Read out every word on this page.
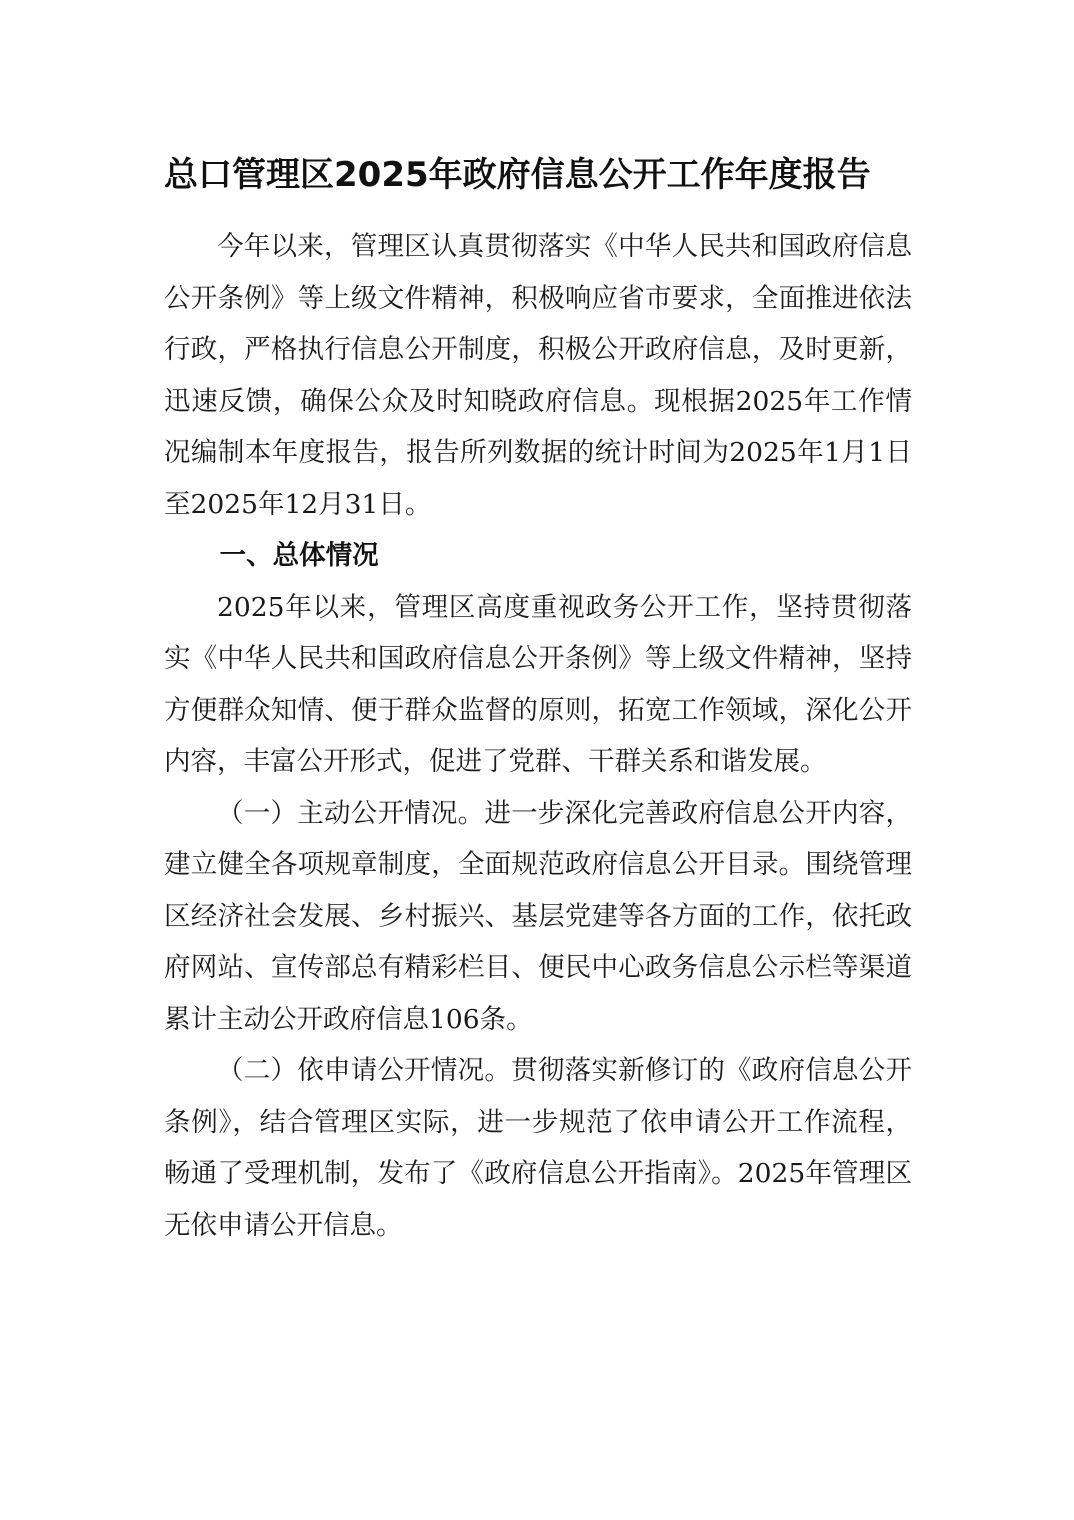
总口管理区2025年政府信息公开工作年度报告

今年以来，管理区认真贯彻落实《中华人民共和国政府信息公开条例》等上级文件精神，积极响应省市要求，全面推进依法行政，严格执行信息公开制度，积极公开政府信息，及时更新，迅速反馈，确保公众及时知晓政府信息。现根据2025年工作情况编制本年度报告，报告所列数据的统计时间为2025年1月1日至2025年12月31日。

一、总体情况

2025年以来，管理区高度重视政务公开工作，坚持贯彻落实《中华人民共和国政府信息公开条例》等上级文件精神，坚持方便群众知情、便于群众监督的原则，拓宽工作领域，深化公开内容，丰富公开形式，促进了党群、干群关系和谐发展。

（一）主动公开情况。进一步深化完善政府信息公开内容，建立健全各项规章制度，全面规范政府信息公开目录。围绕管理区经济社会发展、乡村振兴、基层党建等各方面的工作，依托政府网站、宣传部总有精彩栏目、便民中心政务信息公示栏等渠道累计主动公开政府信息106条。

（二）依申请公开情况。贯彻落实新修订的《政府信息公开条例》，结合管理区实际，进一步规范了依申请公开工作流程，畅通了受理机制，发布了《政府信息公开指南》。2025年管理区无依申请公开信息。
